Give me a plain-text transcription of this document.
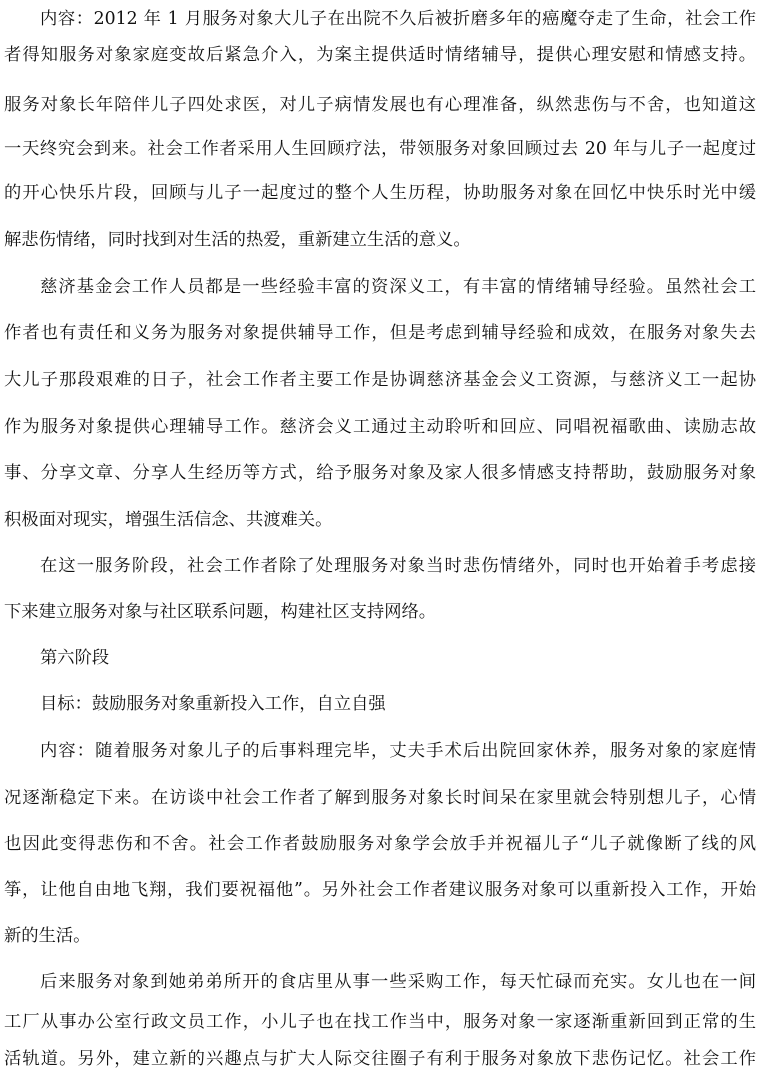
内容：2012 年 1 月服务对象大儿子在出院不久后被折磨多年的癌魔夺走了生命，社会工作
者得知服务对象家庭变故后紧急介入，为案主提供适时情绪辅导，提供心理安慰和情感支持。
服务对象长年陪伴儿子四处求医，对儿子病情发展也有心理准备，纵然悲伤与不舍，也知道这
一天终究会到来。社会工作者采用人生回顾疗法，带领服务对象回顾过去 20 年与儿子一起度过
的开心快乐片段，回顾与儿子一起度过的整个人生历程，协助服务对象在回忆中快乐时光中缓
解悲伤情绪，同时找到对生活的热爱，重新建立生活的意义。
慈济基金会工作人员都是一些经验丰富的资深义工，有丰富的情绪辅导经验。虽然社会工
作者也有责任和义务为服务对象提供辅导工作，但是考虑到辅导经验和成效，在服务对象失去
大儿子那段艰难的日子，社会工作者主要工作是协调慈济基金会义工资源，与慈济义工一起协
作为服务对象提供心理辅导工作。慈济会义工通过主动聆听和回应、同唱祝福歌曲、读励志故
事、分享文章、分享人生经历等方式，给予服务对象及家人很多情感支持帮助，鼓励服务对象
积极面对现实，增强生活信念、共渡难关。
在这一服务阶段，社会工作者除了处理服务对象当时悲伤情绪外，同时也开始着手考虑接
下来建立服务对象与社区联系问题，构建社区支持网络。
第六阶段
目标：鼓励服务对象重新投入工作，自立自强
内容：随着服务对象儿子的后事料理完毕，丈夫手术后出院回家休养，服务对象的家庭情
况逐渐稳定下来。在访谈中社会工作者了解到服务对象长时间呆在家里就会特别想儿子，心情
也因此变得悲伤和不舍。社会工作者鼓励服务对象学会放手并祝福儿子“儿子就像断了线的风
筝，让他自由地飞翔，我们要祝福他”。另外社会工作者建议服务对象可以重新投入工作，开始
新的生活。
后来服务对象到她弟弟所开的食店里从事一些采购工作，每天忙碌而充实。女儿也在一间
工厂从事办公室行政文员工作，小儿子也在找工作当中，服务对象一家逐渐重新回到正常的生
活轨道。另外，建立新的兴趣点与扩大人际交往圈子有利于服务对象放下悲伤记忆。社会工作
